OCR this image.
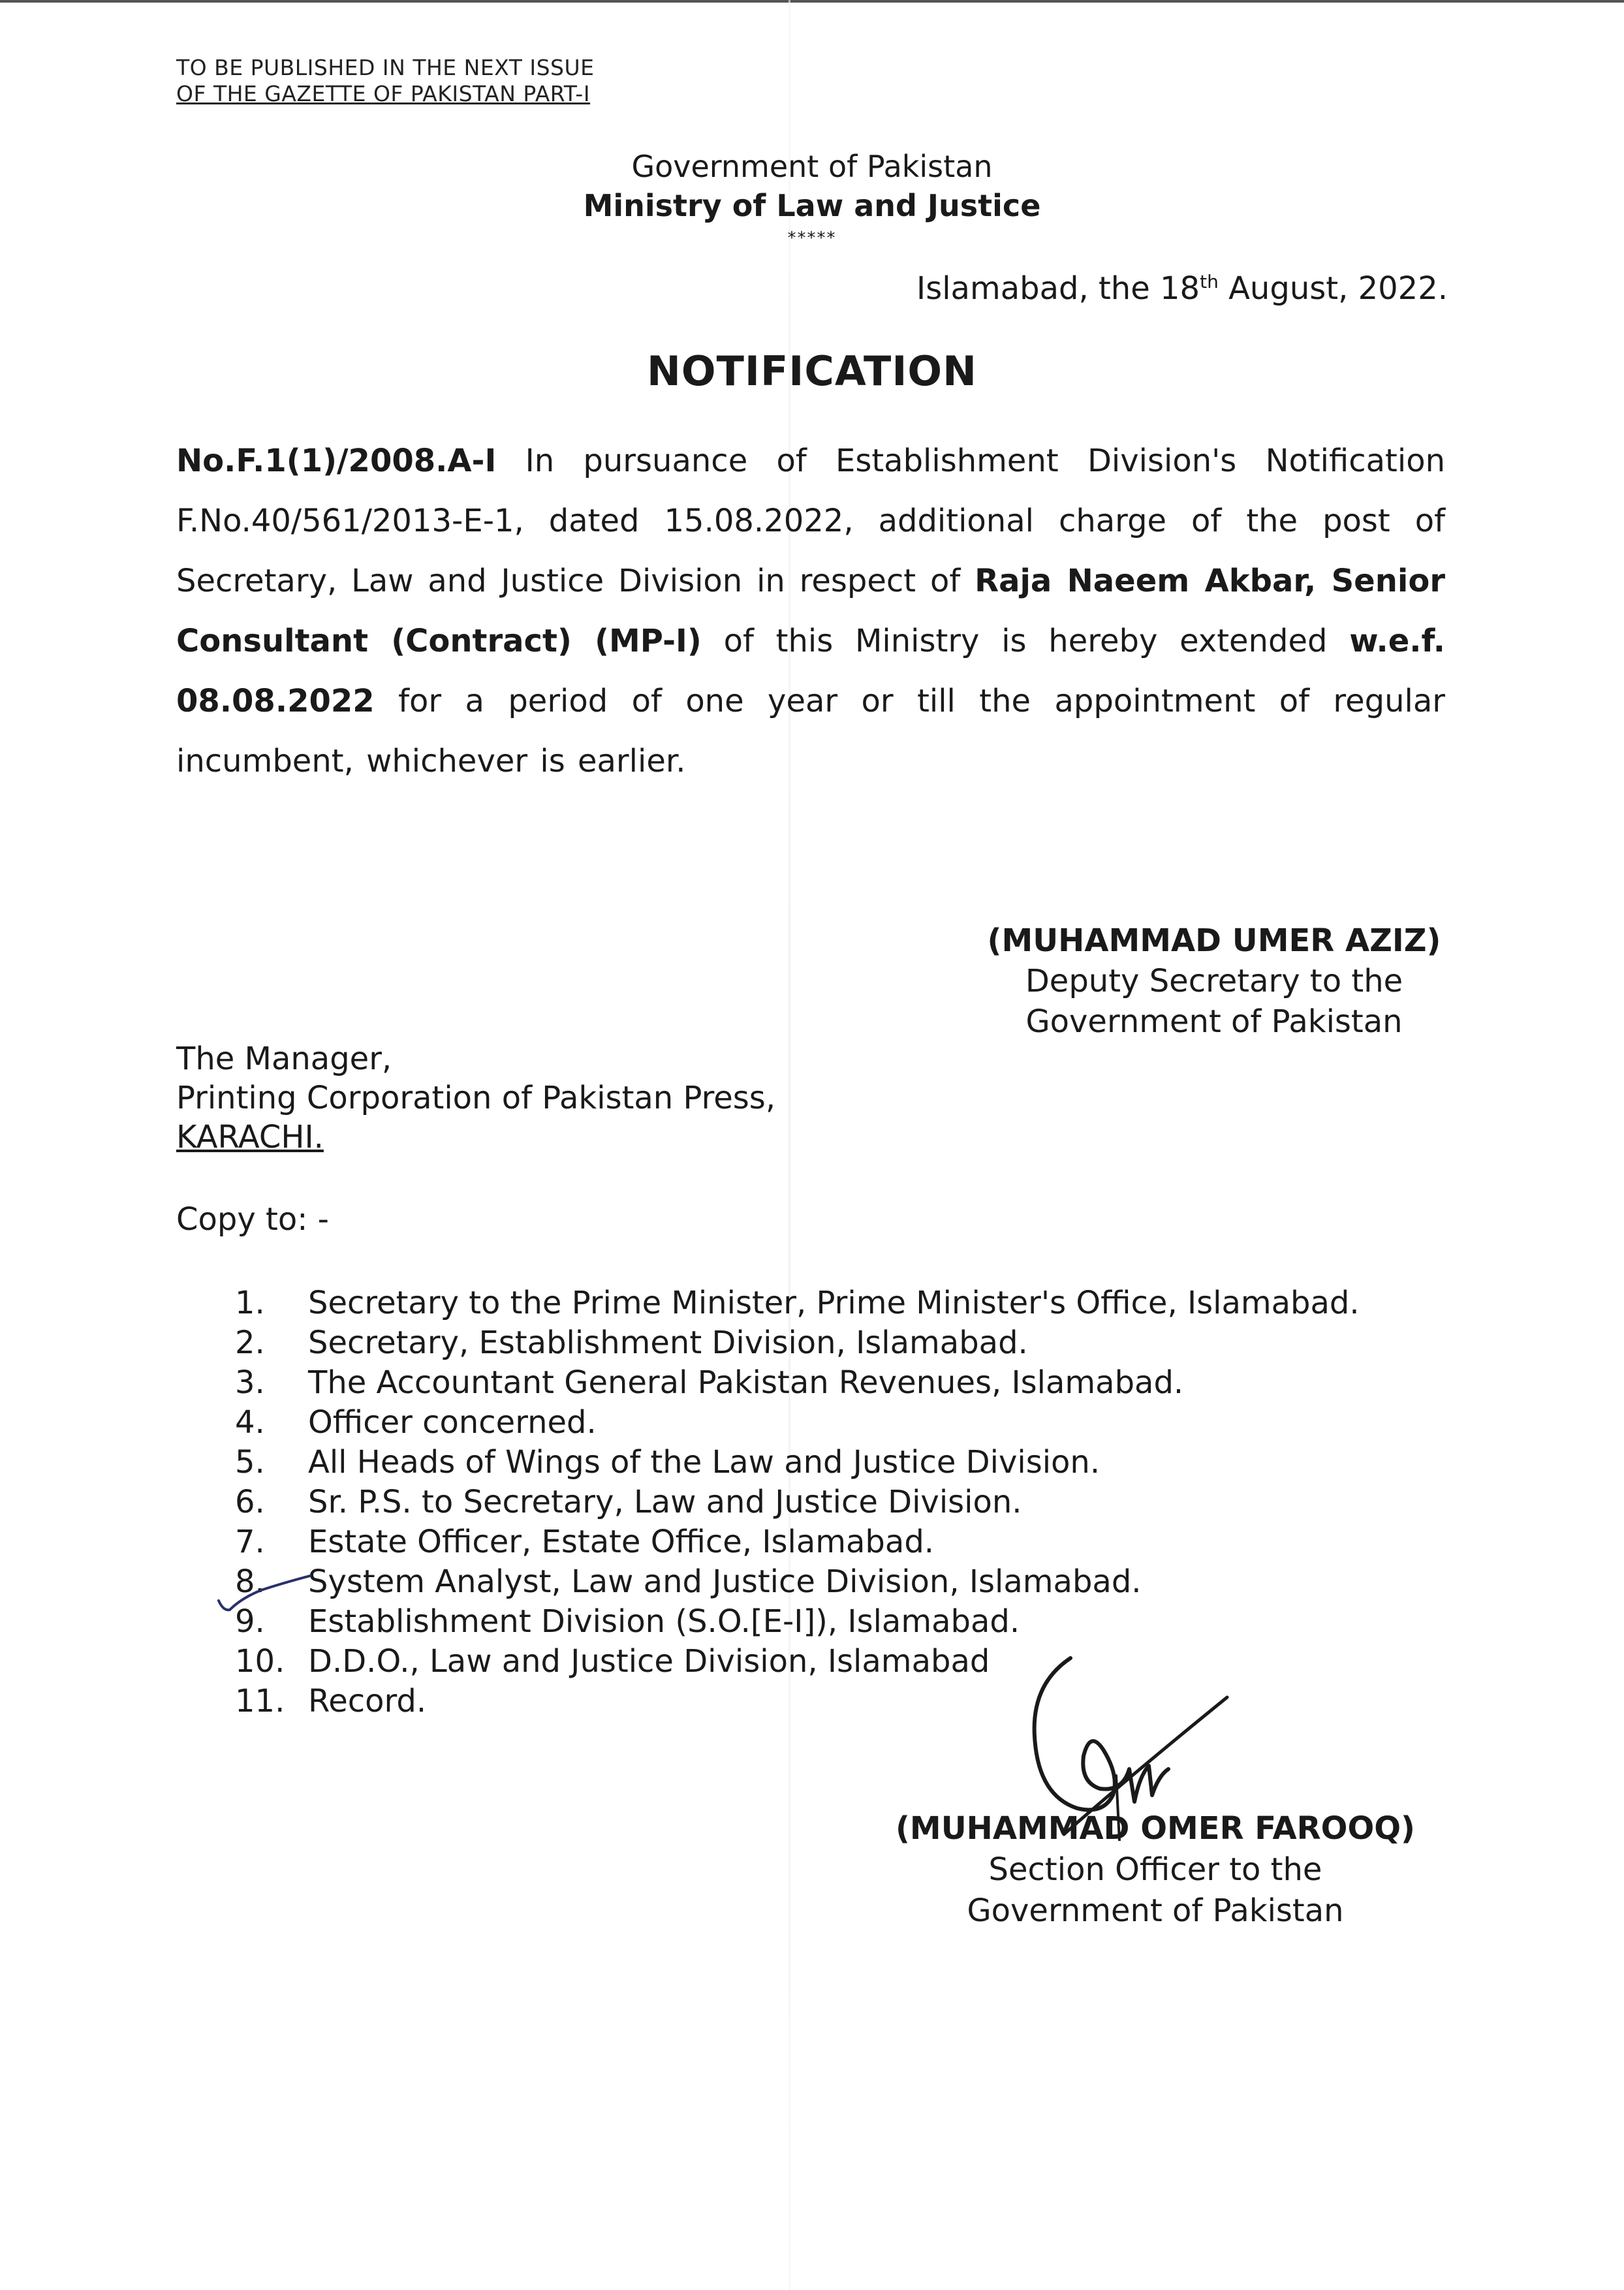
TO BE PUBLISHED IN THE NEXT ISSUE
OF THE GAZETTE OF PAKISTAN PART-I
Government of Pakistan
Ministry of Law and Justice
*****
Islamabad, the 18th August, 2022.
NOTIFICATION
No.F.1(1)/2008.A-I In pursuance of Establishment Division's Notification F.No.40/561/2013-E-1, dated 15.08.2022, additional charge of the post of Secretary, Law and Justice Division in respect of Raja Naeem Akbar, Senior Consultant (Contract) (MP-I) of this Ministry is hereby extended w.e.f. 08.08.2022 for a period of one year or till the appointment of regular incumbent, whichever is earlier.
(MUHAMMAD UMER AZIZ)
Deputy Secretary to the
Government of Pakistan
The Manager,
Printing Corporation of Pakistan Press,
KARACHI.
Copy to: -
1.	Secretary to the Prime Minister, Prime Minister's Office, Islamabad.
2.	Secretary, Establishment Division, Islamabad.
3.	The Accountant General Pakistan Revenues, Islamabad.
4.	Officer concerned.
5.	All Heads of Wings of the Law and Justice Division.
6.	Sr. P.S. to Secretary, Law and Justice Division.
7.	Estate Officer, Estate Office, Islamabad.
8.	System Analyst, Law and Justice Division, Islamabad.
9.	Establishment Division (S.O.[E-I]), Islamabad.
10. D.D.O., Law and Justice Division, Islamabad
11. Record.
(MUHAMMAD OMER FAROOQ)
Section Officer to the
Government of Pakistan
